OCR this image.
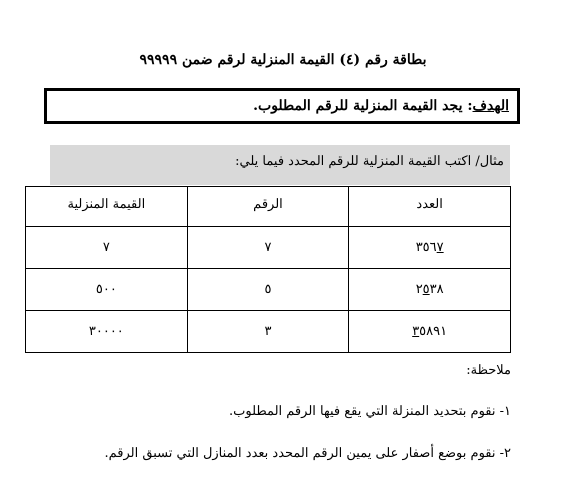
بطاقة رقم (٤) القيمة المنزلية لرقم ضمن ٩٩٩٩٩
الهدف
: يجد القيمة المنزلية للرقم المطلوب.
مثال/ اكتب القيمة المنزلية للرقم المحدد فيما يلي:
القيمة المنزلية	الرقم	العدد
٧	٧	٣٥٦٧
٥٠٠	٥	٢٥٣٨
٣٠٠٠٠	٣	٣٥٨٩١
ملاحظة:
١- نقوم بتحديد المنزلة التي يقع فيها الرقم المطلوب.
٢- نقوم بوضع أصفار على يمين الرقم المحدد بعدد المنازل التي تسبق الرقم.
